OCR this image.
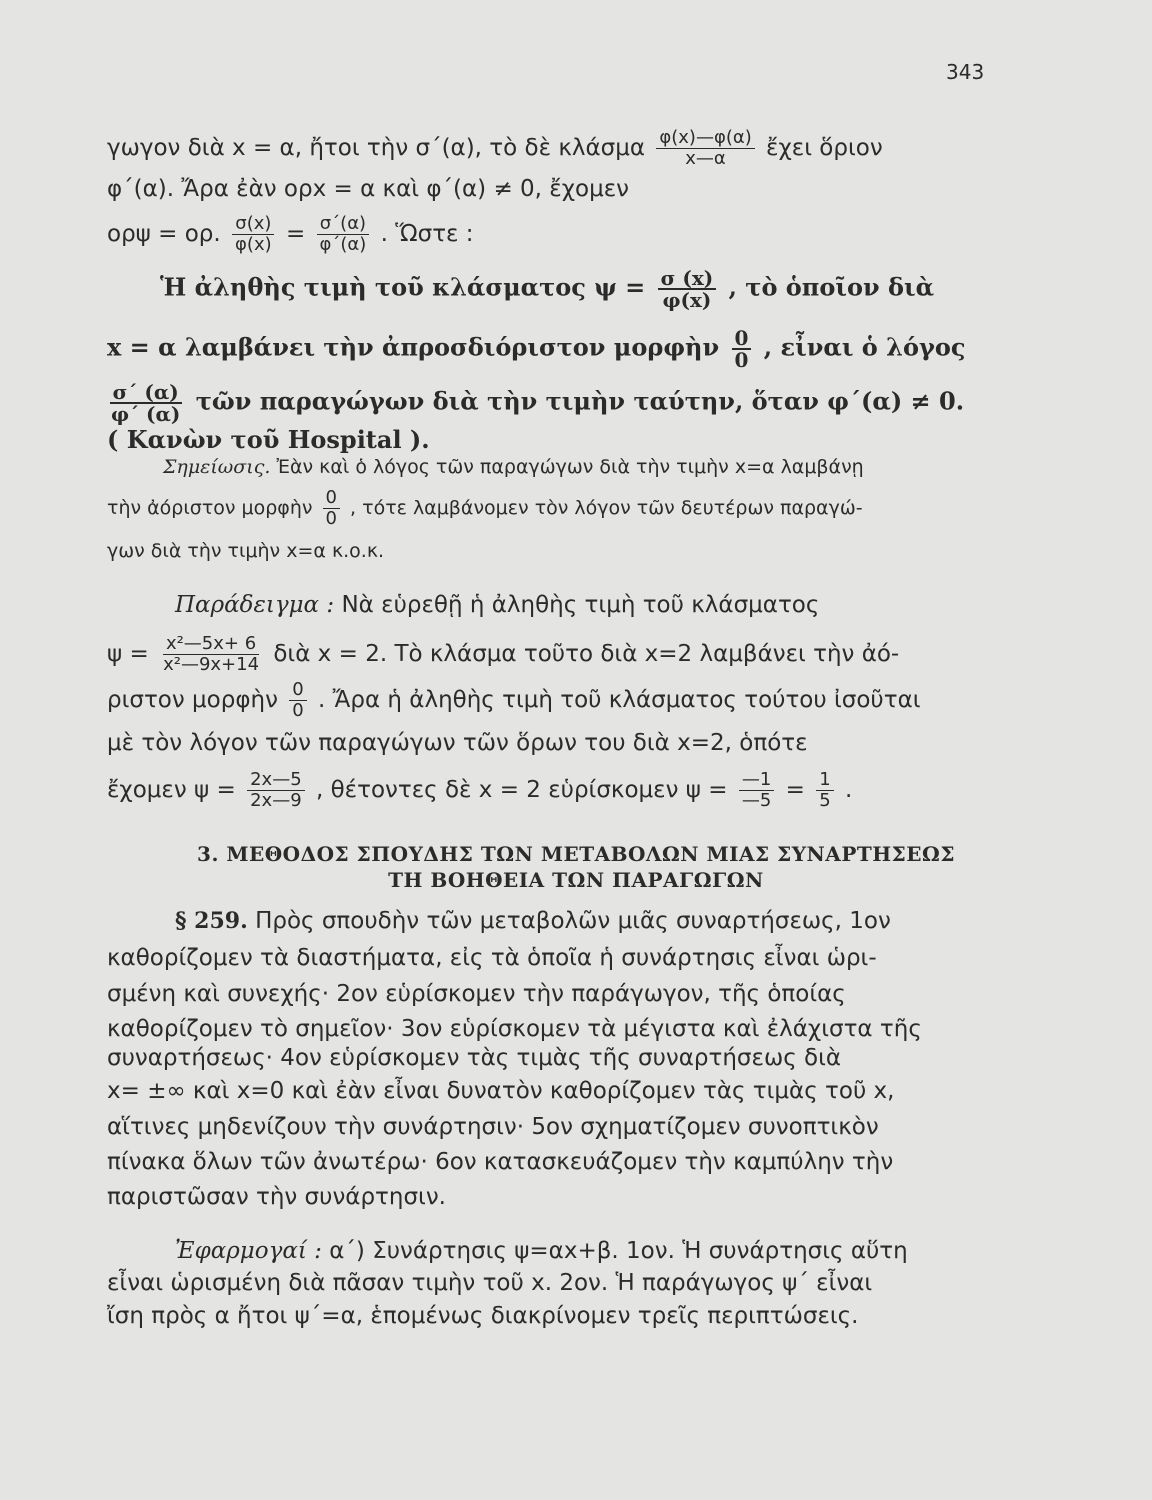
343
γωγον διὰ x = α, ἤτοι τὴν σ΄(α), τὸ δὲ κλάσμα $\frac{\varphi(x)—\varphi(\alpha)}{x—\alpha}$ ἔχει ὅριον
φ΄(α). Ἄρα ἐὰν ορx = α καὶ φ΄(α) ≠ 0, ἔχομεν
ορψ = ορ. $\frac{\sigma(x)}{\varphi(x)} = \frac{\sigma΄(\alpha)}{\varphi΄(\alpha)}$ . Ὥστε :
Ἡ ἀληθὴς τιμὴ τοῦ κλάσματος $\psi = \frac{\sigma (x)}{\varphi(x)}$ , τὸ ὁποῖον διὰ
x = α λαμβάνει τὴν ἀπροσδιόριστον μορφὴν $\frac{0}{0}$ , εἶναι ὁ λόγος
$\frac{\sigma΄ (\alpha)}{\varphi΄ (\alpha)}$ τῶν παραγώγων διὰ τὴν τιμὴν ταύτην, ὅταν φ΄(α) ≠ 0.
( Κανὼν τοῦ Hospital ).
Σημείωσις. Ἐὰν καὶ ὁ λόγος τῶν παραγώγων διὰ τὴν τιμὴν x=α λαμβάνῃ
τὴν ἀόριστον μορφὴν $\frac{0}{0}$ , τότε λαμβάνομεν τὸν λόγον τῶν δευτέρων παραγώ-
γων διὰ τὴν τιμὴν x=α κ.ο.κ.
Παράδειγμα : Νὰ εὑρεθῇ ἡ ἀληθὴς τιμὴ τοῦ κλάσματος
$\psi = \frac{\text{x²—5x+ 6}}{\text{x²—9x+14}}$ διὰ x = 2. Τὸ κλάσμα τοῦτο διὰ x=2 λαμβάνει τὴν ἀό-
ριστον μορφὴν $\frac{0}{0}$ . Ἄρα ἡ ἀληθὴς τιμὴ τοῦ κλάσματος τούτου ἰσοῦται
μὲ τὸν λόγον τῶν παραγώγων τῶν ὅρων του διὰ x=2, ὁπότε
ἔχομεν $\psi = \frac{2x—5}{2x—9}$ , θέτοντες δὲ x = 2 εὑρίσκομεν $\psi = \frac{—1}{—5} = \frac{1}{5}$ .
3. ΜΕΘΟΔΟΣ ΣΠΟΥΔΗΣ ΤΩΝ ΜΕΤΑΒΟΛΩΝ ΜΙΑΣ ΣΥΝΑΡΤΗΣΕΩΣ
ΤΗ ΒΟΗΘΕΙΑ ΤΩΝ ΠΑΡΑΓΩΓΩΝ
§ 259. Πρὸς σπουδὴν τῶν μεταβολῶν μιᾶς συναρτήσεως, 1ον
καθορίζομεν τὰ διαστήματα, εἰς τὰ ὁποῖα ἡ συνάρτησις εἶναι ὡρι-
σμένη καὶ συνεχής· 2ον εὑρίσκομεν τὴν παράγωγον, τῆς ὁποίας
καθορίζομεν τὸ σημεῖον· 3ον εὑρίσκομεν τὰ μέγιστα καὶ ἐλάχιστα τῆς
συναρτήσεως· 4ον εὑρίσκομεν τὰς τιμὰς τῆς συναρτήσεως διὰ
x= ±∞ καὶ x=0 καὶ ἐὰν εἶναι δυνατὸν καθορίζομεν τὰς τιμὰς τοῦ x,
αἵτινες μηδενίζουν τὴν συνάρτησιν· 5ον σχηματίζομεν συνοπτικὸν
πίνακα ὅλων τῶν ἀνωτέρω· 6ον κατασκευάζομεν τὴν καμπύλην τὴν
παριστῶσαν τὴν συνάρτησιν.
Ἐφαρμογαί : α΄) Συνάρτησις ψ=αx+β. 1ον. Ἡ συνάρτησις αὕτη
εἶναι ὡρισμένη διὰ πᾶσαν τιμὴν τοῦ x. 2ον. Ἡ παράγωγος ψ΄ εἶναι
ἴση πρὸς α ἤτοι ψ΄=α, ἑπομένως διακρίνομεν τρεῖς περιπτώσεις.
